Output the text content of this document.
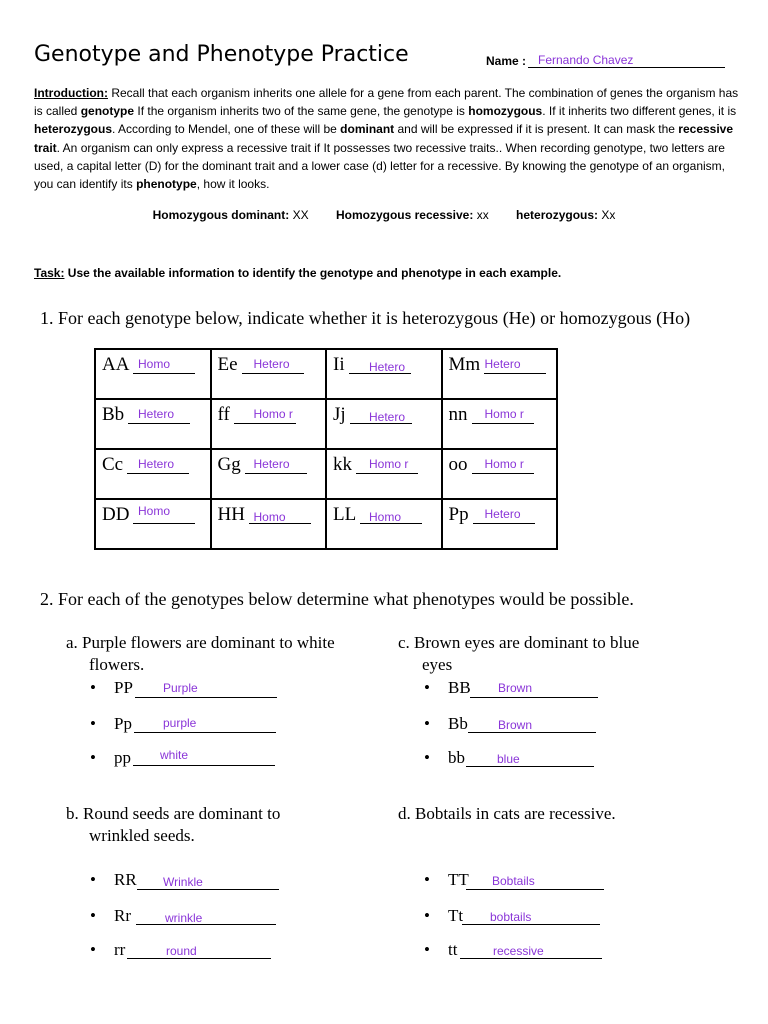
Genotype and Phenotype Practice	Name : Fernando Chavez
Introduction: Recall that each organism inherits one allele for a gene from each parent. The combination of genes the organism has is called genotype If the organism inherits two of the same gene, the genotype is homozygous. If it inherits two different genes, it is heterozygous. According to Mendel, one of these will be dominant and will be expressed if it is present. It can mask the recessive trait. An organism can only express a recessive trait if It possesses two recessive traits.. When recording genotype, two letters are used, a capital letter (D) for the dominant trait and a lower case (d) letter for a recessive. By knowing the genotype of an organism, you can identify its phenotype, how it looks.
Homozygous dominant: XX Homozygous recessive: xx heterozygous: Xx
Task: Use the available information to identify the genotype and phenotype in each example.
1. For each genotype below, indicate whether it is heterozygous (He) or homozygous (Ho)
AA Homo	Ee Hetero	Ii Hetero	Mm Hetero

Bb Hetero	ff Homo r	Jj Hetero	nn Homo r

Cc Hetero	Gg Hetero	kk Homo r	oo Homo r

DD Homo	HH Homo	LL Homo	Pp Hetero
2. For each of the genotypes below determine what phenotypes would be possible.
a. Purple flowers are dominant to white
flowers.
• PP	Purple
• Pp	purple
• pp white
c. Brown eyes are dominant to blue
eyes
• BB Brown
• Bb	Brown
• bb	blue
b. Round seeds are dominant to
wrinkled seeds.
• RR Wrinkle
• Rr	wrinkle
• rr	round
d. Bobtails in cats are recessive.
• TT Bobtails
• Tt bobtails
• tt	recessive
